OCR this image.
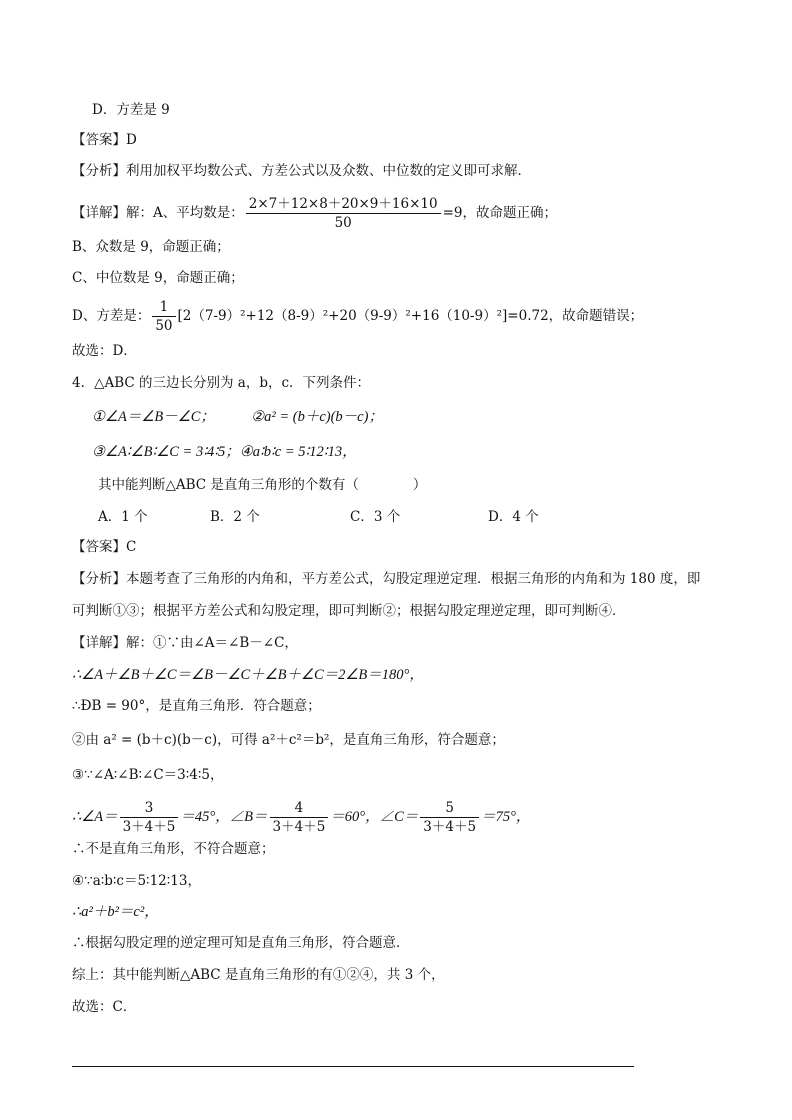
D．方差是 9
【答案】D
【分析】利用加权平均数公式、方差公式以及众数、中位数的定义即可求解．
【详解】解：A、平均数是： $\frac{2\times 7+12\times 8+20\times 9+16\times 10}{50} =9$，故命题正确；
B、众数是 9，命题正确；
C、中位数是 9，命题正确；
D、方差是： $\frac{1}{50} [2(7-9)^2+12(8-9)^2+20(9-9)^2+16(10-9)^2]=0.72$，故命题错误；
故选：D．
4．△ABC 的三边长分别为 a，b，c．下列条件：
①∠A＝∠B－∠C；　　　②a² = (b＋c)(b－c)；
③∠A∶∠B∶∠C = 3∶4∶5；④a∶b∶c = 5∶12∶13，
其中能判断△ABC 是直角三角形的个数有（　　　　）
A．1 个	B．2 个	C．3 个	D．4 个
【答案】C
【分析】本题考查了三角形的内角和，平方差公式，勾股定理逆定理．根据三角形的内角和为 180 度，即
可判断①③；根据平方差公式和勾股定理，即可判断②；根据勾股定理逆定理，即可判断④．
【详解】解：①∵由∠A＝∠B－∠C，
∴∠A＋∠B＋∠C＝∠B－∠C＋∠B＋∠C＝2∠B＝180°，
∴ÐB = 90°，是直角三角形．符合题意；
②由 a² = (b＋c)(b－c)，可得 a²＋c²＝b²，是直角三角形，符合题意；
③∵∠A∶∠B∶∠C＝3∶4∶5，
∴∠A＝ $\frac{3}{3+4+5} =45^\circ$，∠B＝ $\frac{4}{3+4+5} =60^\circ$，∠C＝ $\frac{5}{3+4+5} =75^\circ$，
∴不是直角三角形，不符合题意；
④∵a∶b∶c＝5∶12∶13，
∴a²＋b²＝c²，
∴根据勾股定理的逆定理可知是直角三角形，符合题意．
综上：其中能判断△ABC 是直角三角形的有①②④，共 3 个，
故选：C．
